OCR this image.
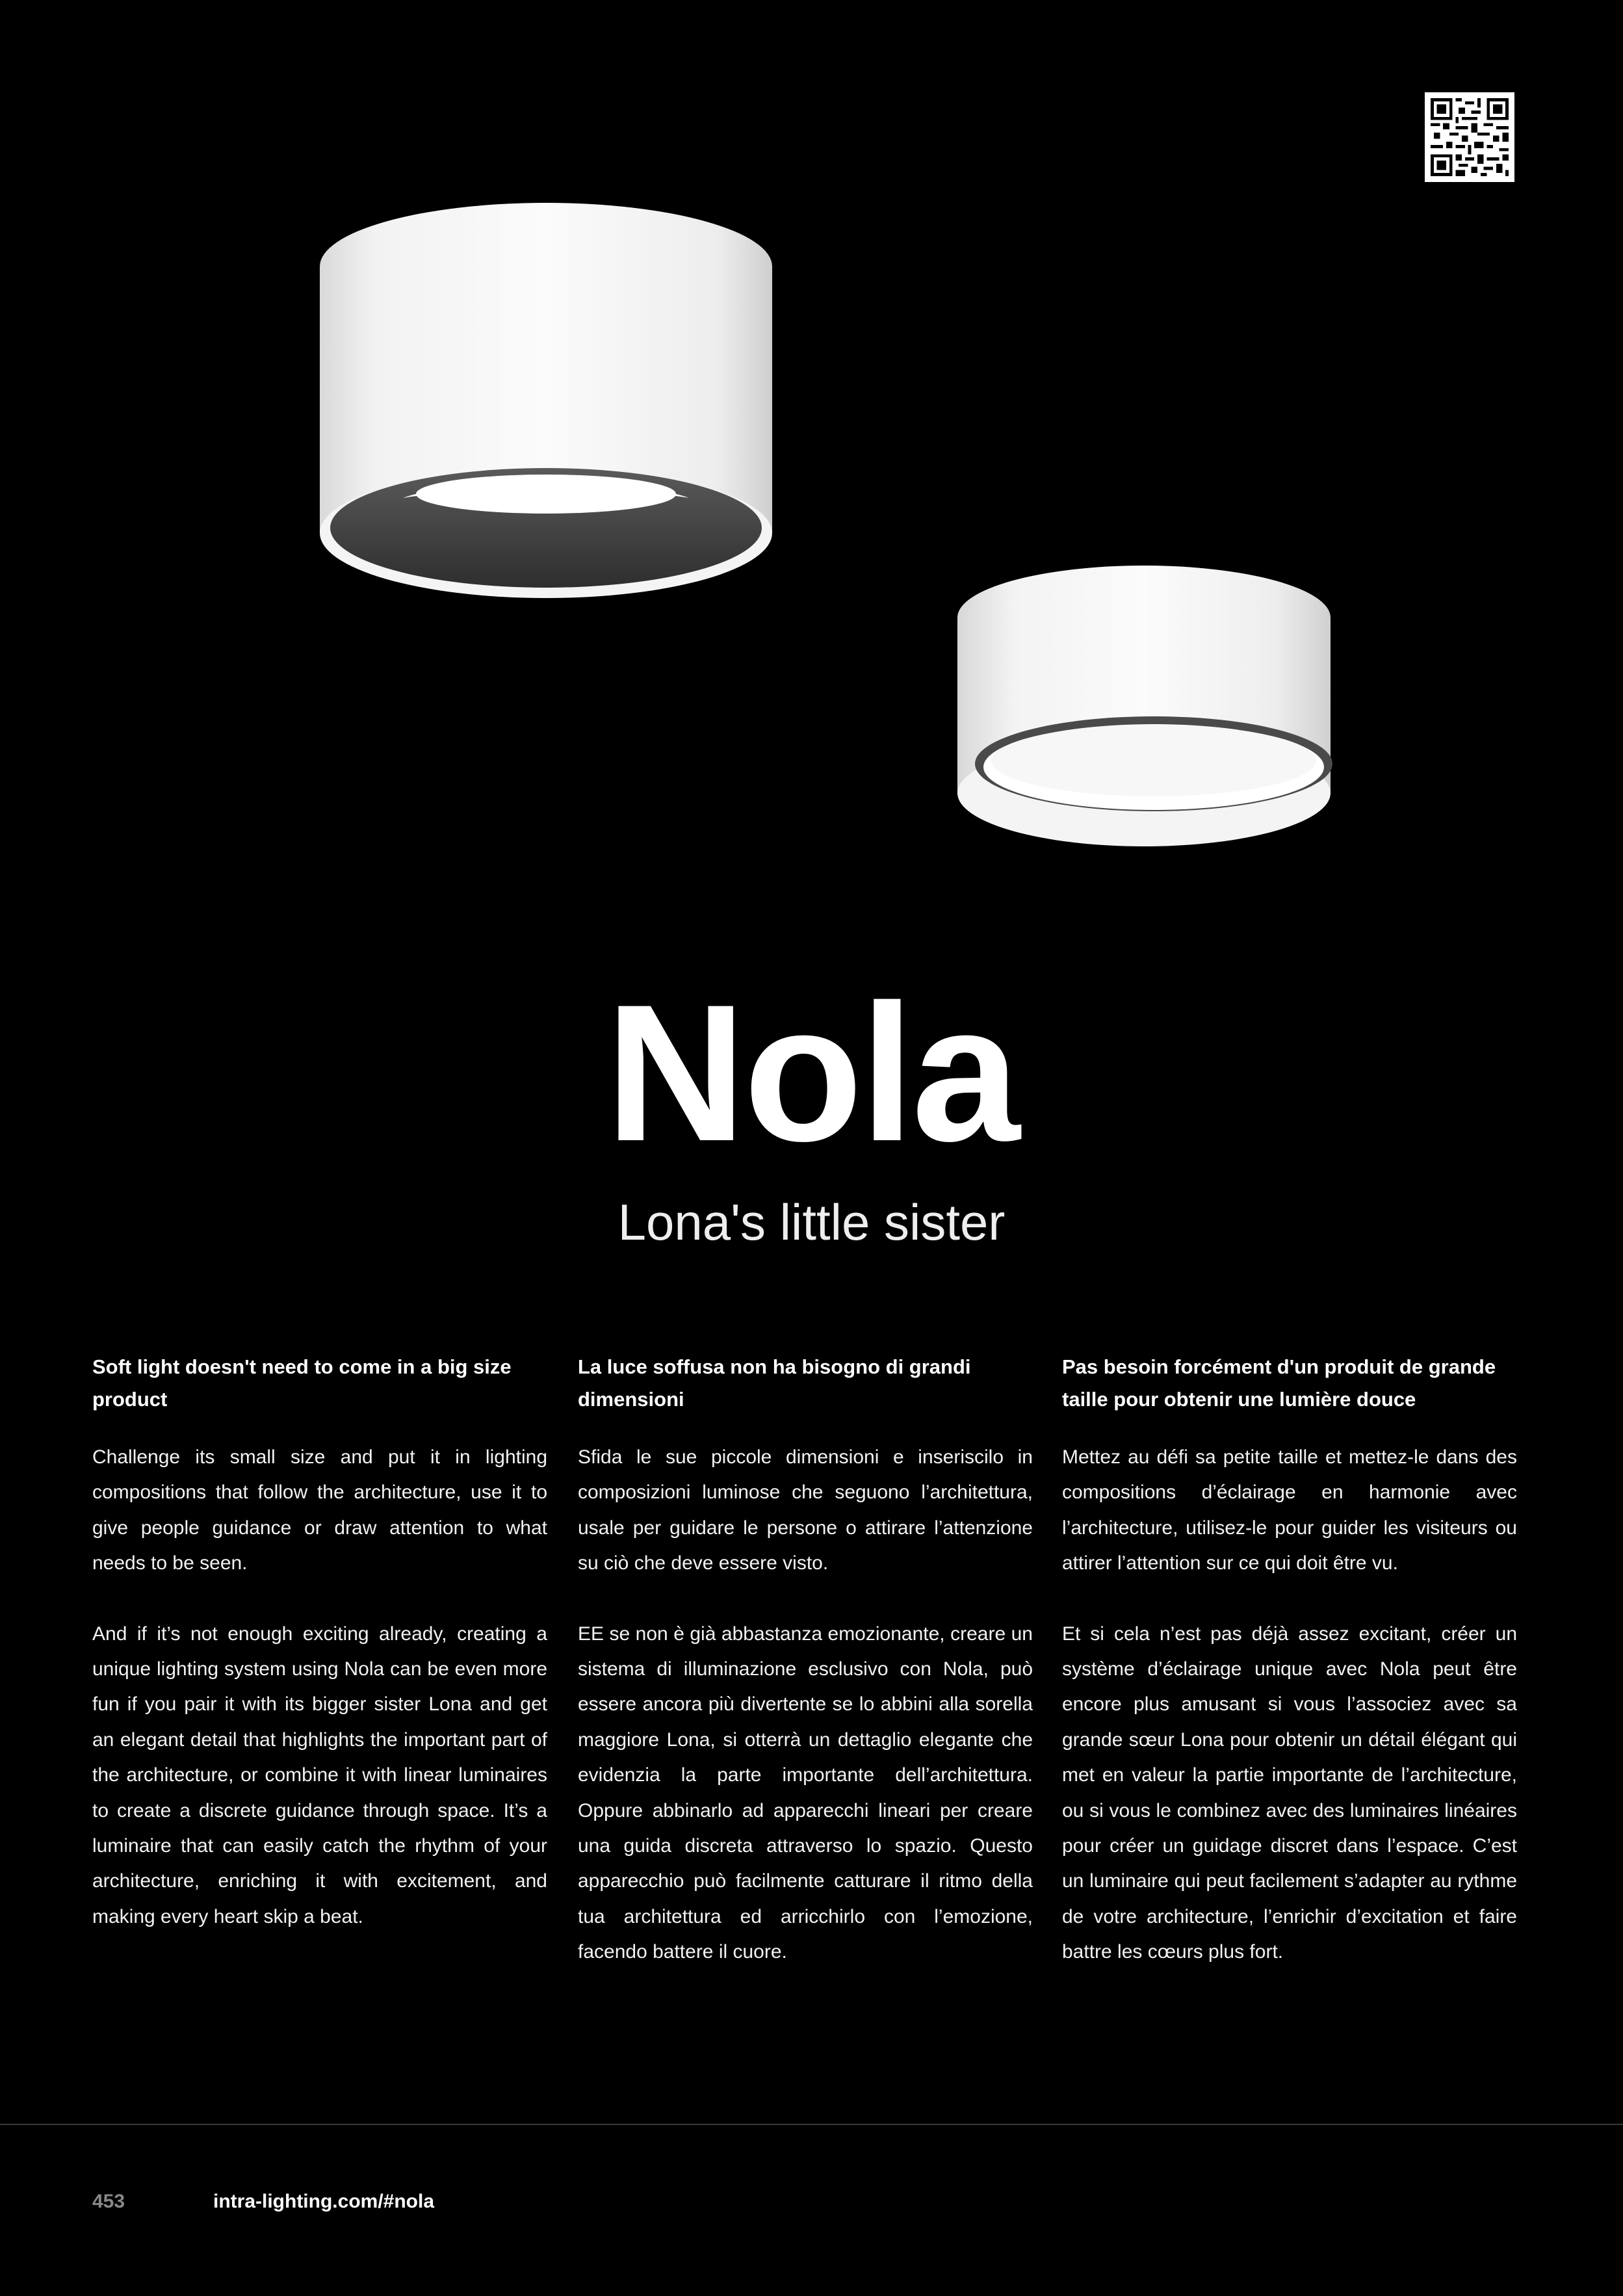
Nola
Lona's little sister
Soft light doesn't need to come in a big size product

Challenge its small size and put it in lighting compositions that follow the architecture, use it to give people guidance or draw attention to what needs to be seen.

And if it’s not enough exciting already, creating a unique lighting system using Nola can be even more fun if you pair it with its bigger sister Lona and get an elegant detail that highlights the important part of the architecture, or combine it with linear luminaires to create a discrete guidance through space. It’s a luminaire that can easily catch the rhythm of your architecture, enriching it with excitement, and making every heart skip a beat.

La luce soffusa non ha bisogno di grandi dimensioni

Sfida le sue piccole dimensioni e inseriscilo in composizioni luminose che seguono l’architettura, usale per guidare le persone o attirare l’attenzione su ciò che deve essere visto.

EE se non è già abbastanza emozionante, creare un sistema di illuminazione esclusivo con Nola, può essere ancora più divertente se lo abbini alla sorella maggiore Lona, si otterrà un dettaglio elegante che evidenzia la parte importante dell’architettura. Oppure abbinarlo ad apparecchi lineari per creare una guida discreta attraverso lo spazio. Questo apparecchio può facilmente catturare il ritmo della tua architettura ed arricchirlo con l’emozione, facendo battere il cuore.

Pas besoin forcément d'un produit de grande taille pour obtenir une lumière douce

Mettez au défi sa petite taille et mettez-le dans des compositions d’éclairage en harmonie avec l’architecture, utilisez-le pour guider les visiteurs ou attirer l’attention sur ce qui doit être vu.

Et si cela n’est pas déjà assez excitant, créer un système d’éclairage unique avec Nola peut être encore plus amusant si vous l’associez avec sa grande sœur Lona pour obtenir un détail élégant qui met en valeur la partie importante de l’architecture, ou si vous le combinez avec des luminaires linéaires pour créer un guidage discret dans l’espace. C’est un luminaire qui peut facilement s’adapter au rythme de votre architecture, l’enrichir d’excitation et faire battre les cœurs plus fort.

453	intra-lighting.com/#nola
